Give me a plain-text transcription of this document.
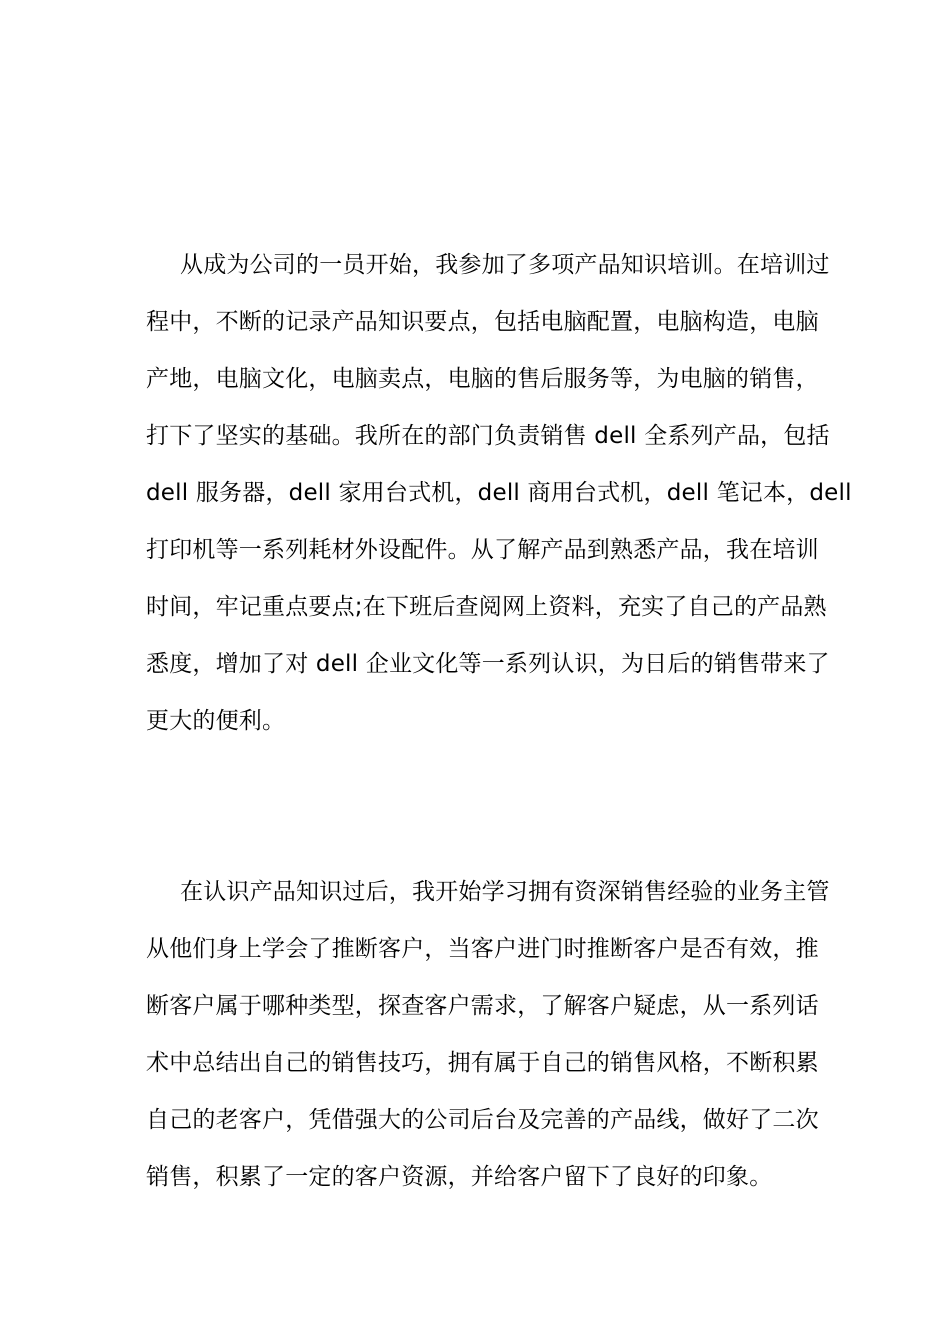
从成为公司的一员开始，我参加了多项产品知识培训。在培训过
程中，不断的记录产品知识要点，包括电脑配置，电脑构造，电脑
产地，电脑文化，电脑卖点，电脑的售后服务等，为电脑的销售，
打下了坚实的基础。我所在的部门负责销售 dell 全系列产品，包括
dell 服务器，dell 家用台式机，dell 商用台式机，dell 笔记本，dell
打印机等一系列耗材外设配件。从了解产品到熟悉产品，我在培训
时间，牢记重点要点;在下班后查阅网上资料，充实了自己的产品熟
悉度，增加了对 dell 企业文化等一系列认识，为日后的销售带来了
更大的便利。
在认识产品知识过后，我开始学习拥有资深销售经验的业务主管
从他们身上学会了推断客户，当客户进门时推断客户是否有效，推
断客户属于哪种类型，探查客户需求，了解客户疑虑，从一系列话
术中总结出自己的销售技巧，拥有属于自己的销售风格，不断积累
自己的老客户，凭借强大的公司后台及完善的产品线，做好了二次
销售，积累了一定的客户资源，并给客户留下了良好的印象。
